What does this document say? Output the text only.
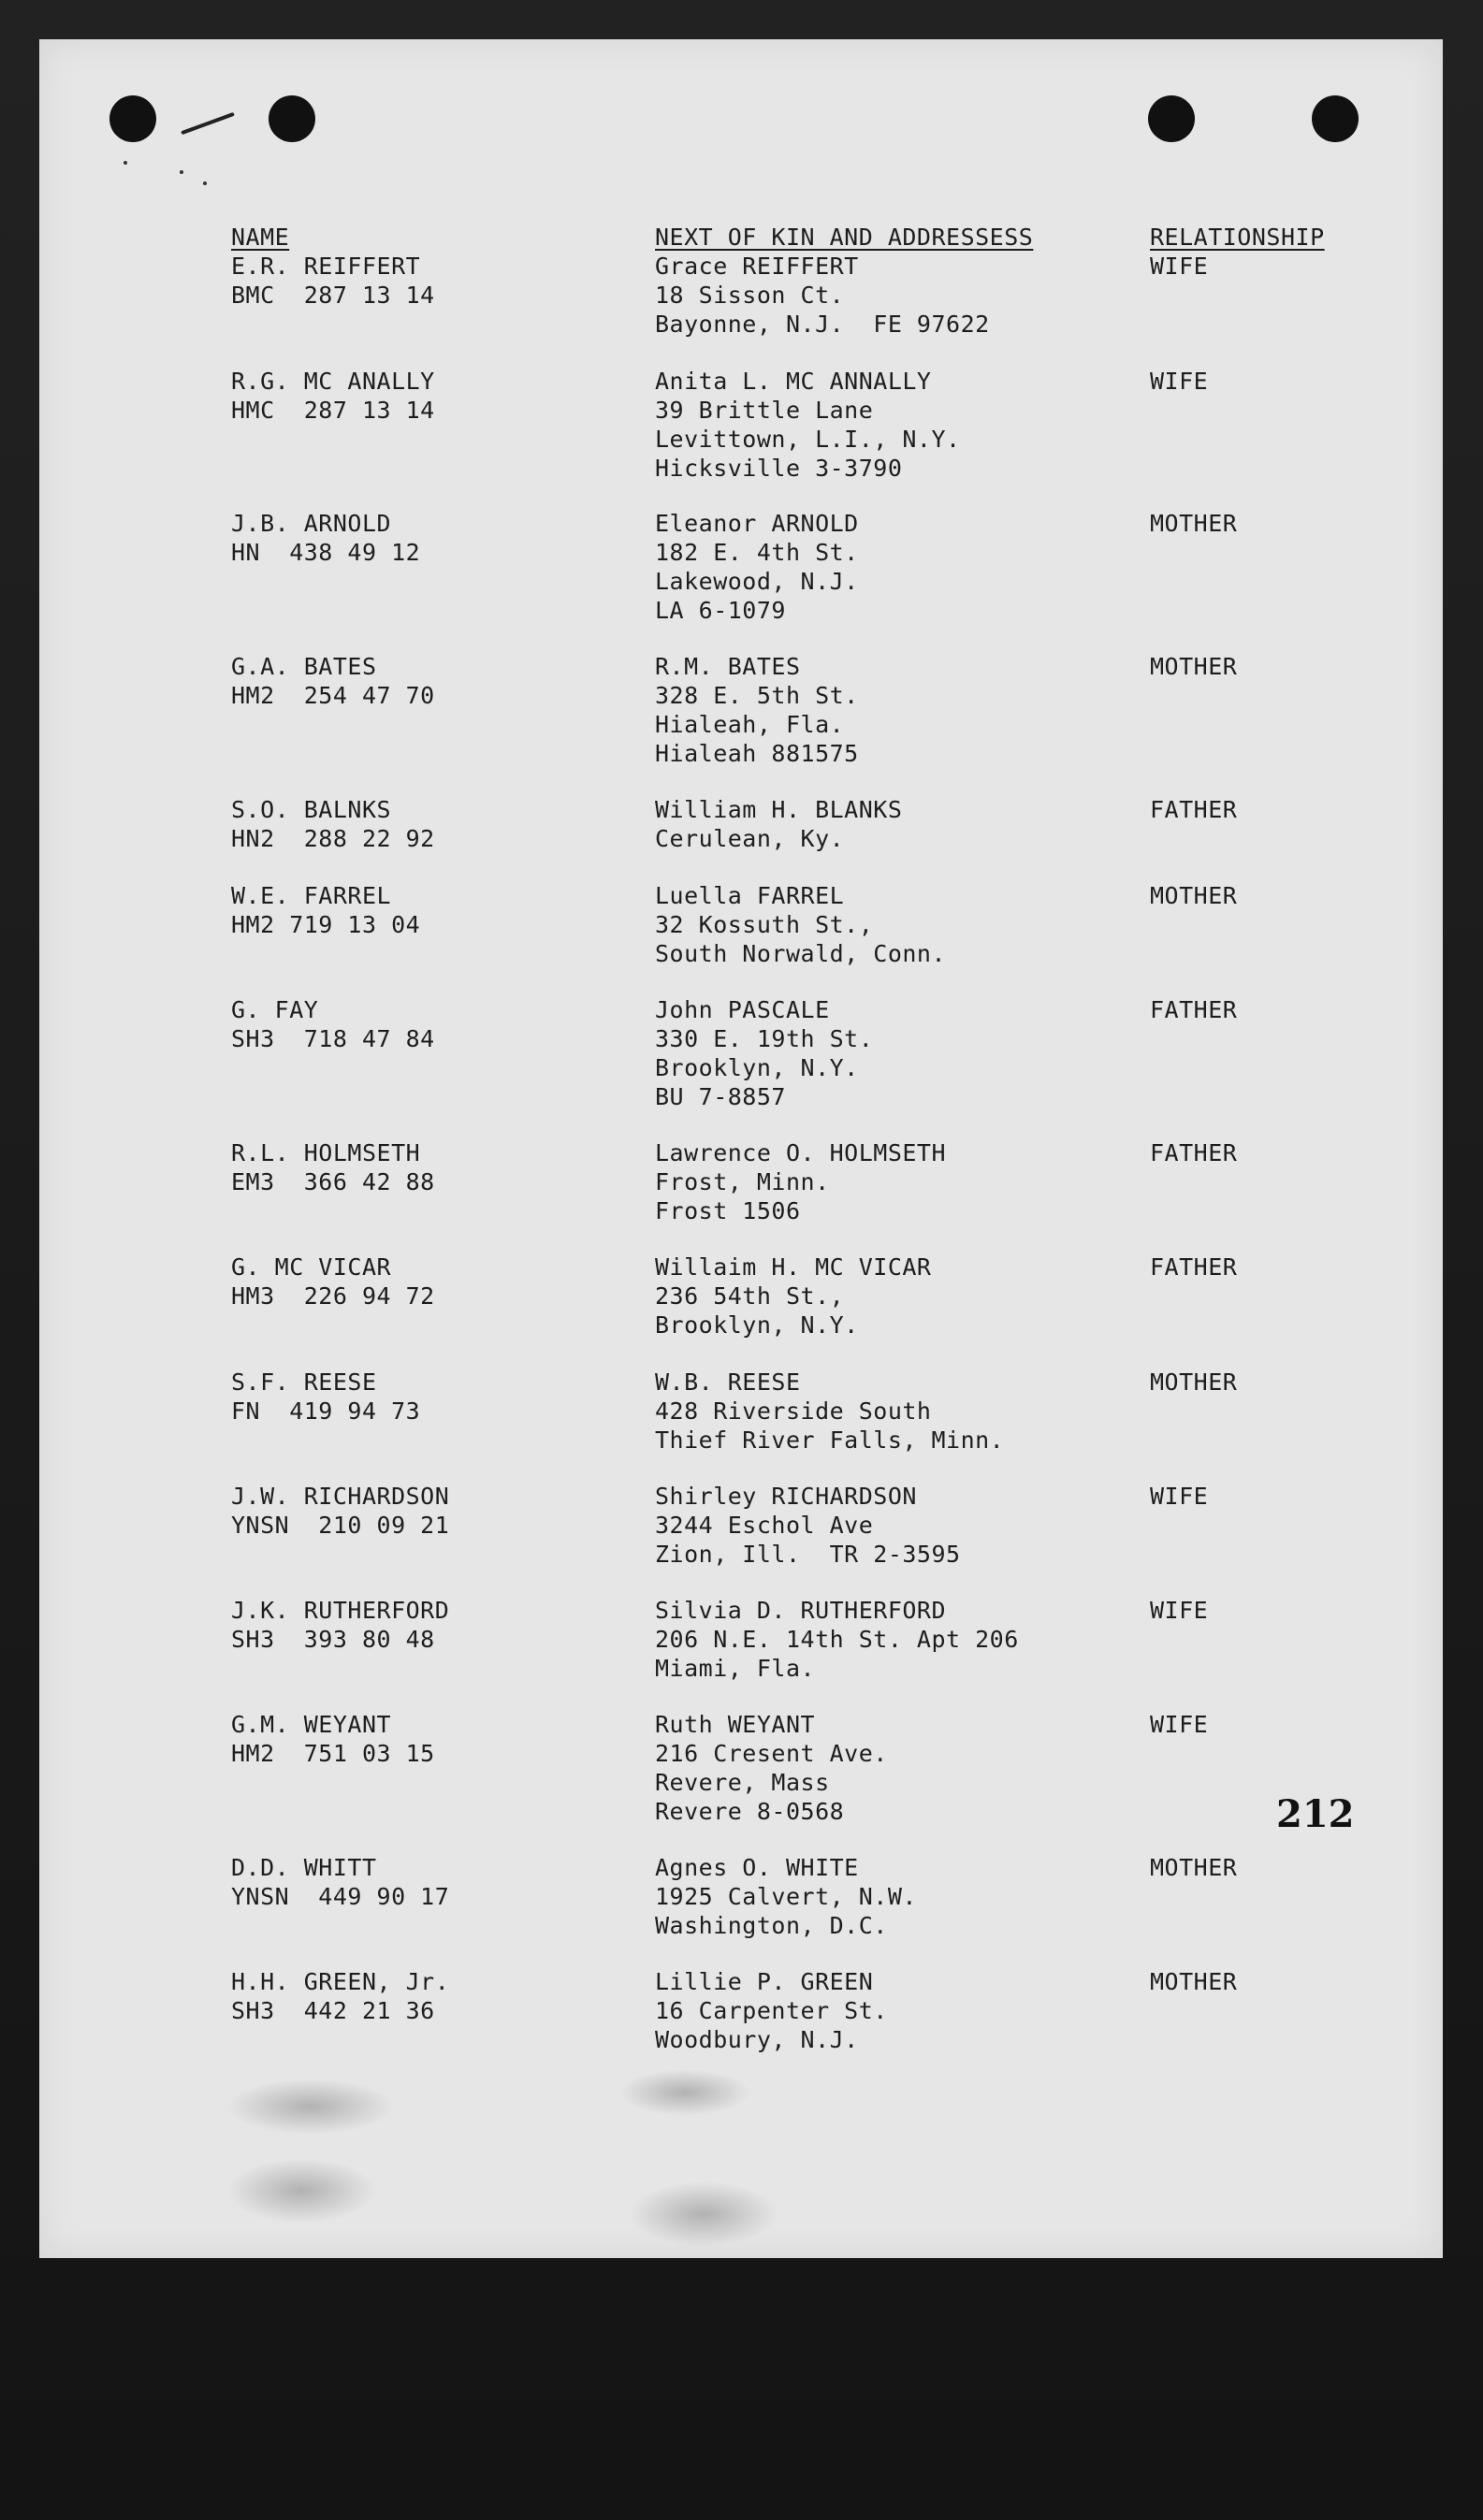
NAME	NEXT OF KIN AND ADDRESSESS	RELATIONSHIP
E.R. REIFFERT
BMC  287 13 14
Grace REIFFERT
18 Sisson Ct.
Bayonne, N.J.  FE 97622
WIFE
R.G. MC ANALLY
HMC  287 13 14
Anita L. MC ANNALLY
39 Brittle Lane
Levittown, L.I., N.Y.
Hicksville 3-3790
WIFE
J.B. ARNOLD
HN  438 49 12
Eleanor ARNOLD
182 E. 4th St.
Lakewood, N.J.
LA 6-1079
MOTHER
G.A. BATES
HM2  254 47 70
R.M. BATES
328 E. 5th St.
Hialeah, Fla.
Hialeah 881575
MOTHER
S.O. BALNKS
HN2  288 22 92
William H. BLANKS
Cerulean, Ky.
FATHER
W.E. FARREL
HM2 719 13 04
Luella FARREL
32 Kossuth St.,
South Norwald, Conn.
MOTHER
G. FAY
SH3  718 47 84
John PASCALE
330 E. 19th St.
Brooklyn, N.Y.
BU 7-8857
FATHER
R.L. HOLMSETH
EM3  366 42 88
Lawrence O. HOLMSETH
Frost, Minn.
Frost 1506
FATHER
G. MC VICAR
HM3  226 94 72
Willaim H. MC VICAR
236 54th St.,
Brooklyn, N.Y.
FATHER
S.F. REESE
FN  419 94 73
W.B. REESE
428 Riverside South
Thief River Falls, Minn.
MOTHER
J.W. RICHARDSON
YNSN  210 09 21
Shirley RICHARDSON
3244 Eschol Ave
Zion, Ill.  TR 2-3595
WIFE
J.K. RUTHERFORD
SH3  393 80 48
Silvia D. RUTHERFORD
206 N.E. 14th St. Apt 206
Miami, Fla.
WIFE
G.M. WEYANT
HM2  751 03 15
Ruth WEYANT
216 Cresent Ave.
Revere, Mass
Revere 8-0568
WIFE
D.D. WHITT
YNSN  449 90 17
Agnes O. WHITE
1925 Calvert, N.W.
Washington, D.C.
MOTHER
H.H. GREEN, Jr.
SH3  442 21 36
Lillie P. GREEN
16 Carpenter St.
Woodbury, N.J.
MOTHER
212
